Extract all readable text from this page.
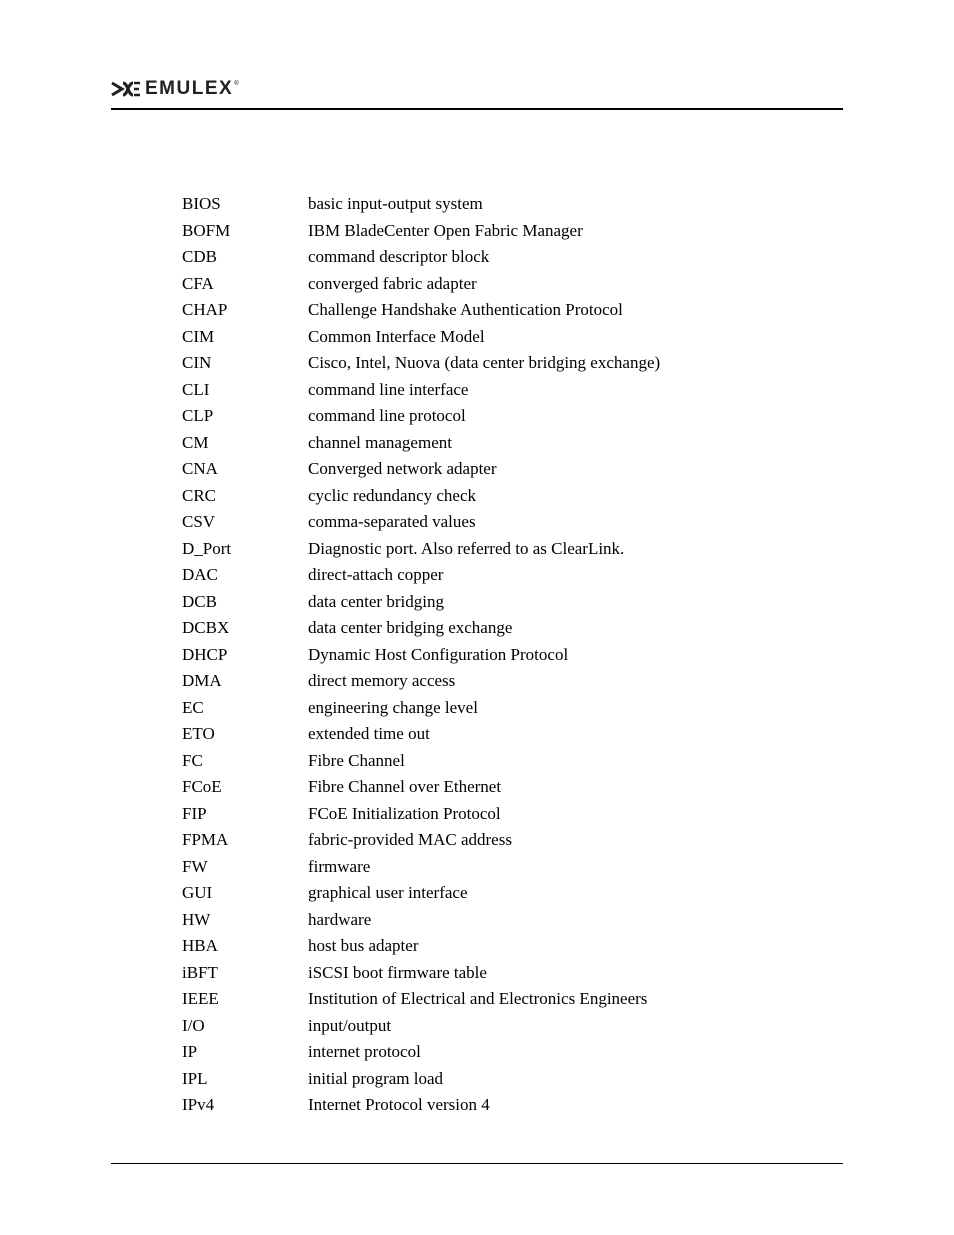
EMULEX ®
BIOS	basic input-output system
BOFM	IBM BladeCenter Open Fabric Manager
CDB	command descriptor block
CFA	converged fabric adapter
CHAP	Challenge Handshake Authentication Protocol
CIM	Common Interface Model
CIN	Cisco, Intel, Nuova (data center bridging exchange)
CLI	command line interface
CLP	command line protocol
CM	channel management
CNA	Converged network adapter
CRC	cyclic redundancy check
CSV	comma-separated values
D_Port	Diagnostic port. Also referred to as ClearLink.
DAC	direct-attach copper
DCB	data center bridging
DCBX	data center bridging exchange
DHCP	Dynamic Host Configuration Protocol
DMA	direct memory access
EC	engineering change level
ETO	extended time out
FC	Fibre Channel
FCoE	Fibre Channel over Ethernet
FIP	FCoE Initialization Protocol
FPMA	fabric-provided MAC address
FW	firmware
GUI	graphical user interface
HW	hardware
HBA	host bus adapter
iBFT	iSCSI boot firmware table
IEEE	Institution of Electrical and Electronics Engineers
I/O	input/output
IP	internet protocol
IPL	initial program load
IPv4	Internet Protocol version 4
